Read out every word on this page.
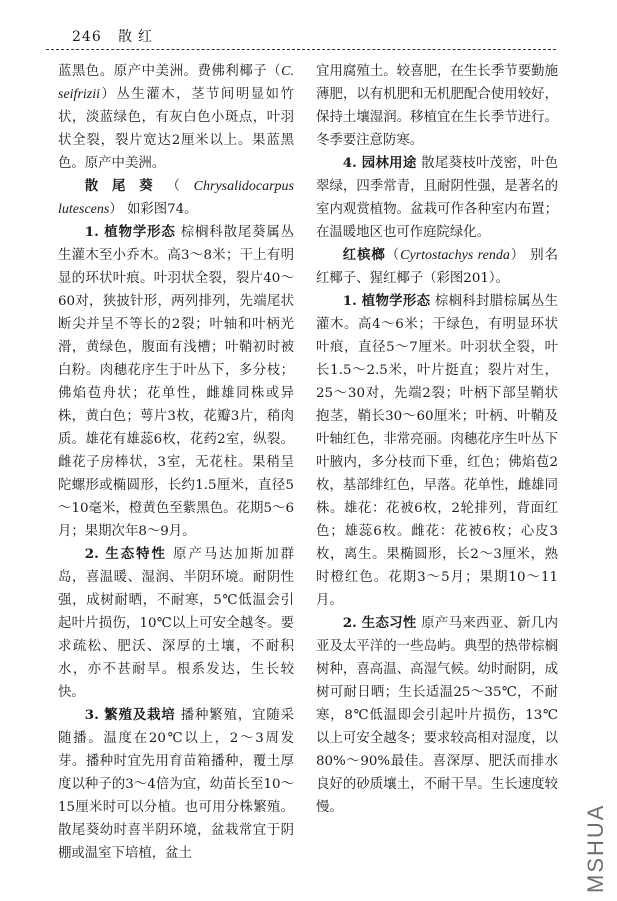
246 散红

蓝黑色。原产中美洲。费佛利椰子（C. seifrizii）丛生灌木，茎节间明显如竹状，淡蓝绿色，有灰白色小斑点，叶羽状全裂，裂片宽达2厘米以上。果蓝黑色。原产中美洲。

散尾葵（Chrysalidocarpus lutescens） 如彩图74。

1. 植物学形态 棕榈科散尾葵属丛生灌木至小乔木。高3～8米；干上有明显的环状叶痕。叶羽状全裂，裂片40～60对，狭披针形，两列排列，先端尾状断尖并呈不等长的2裂；叶轴和叶柄光滑，黄绿色，腹面有浅槽；叶鞘初时被白粉。肉穗花序生于叶丛下，多分枝；佛焰苞舟状；花单性，雌雄同株或异株，黄白色；萼片3枚，花瓣3片，稍肉质。雄花有雄蕊6枚，花药2室，纵裂。雌花子房棒状，3室，无花柱。果稍呈陀螺形或椭圆形，长约1.5厘米，直径5～10毫米，橙黄色至紫黑色。花期5～6月；果期次年8～9月。

2. 生态特性 原产马达加斯加群岛，喜温暖、湿润、半阴环境。耐阴性强，成树耐晒，不耐寒，5℃低温会引起叶片损伤，10℃以上可安全越冬。要求疏松、肥沃、深厚的土壤，不耐积水，亦不甚耐旱。根系发达，生长较快。

3. 繁殖及栽培 播种繁殖，宜随采随播。温度在20℃以上，2～3周发芽。播种时宜先用育苗箱播种，覆土厚度以种子的3～4倍为宜，幼苗长至10～15厘米时可以分植。也可用分株繁殖。散尾葵幼时喜半阴环境，盆栽常宜于阴棚或温室下培植，盆土

宜用腐殖土。较喜肥，在生长季节要勤施薄肥，以有机肥和无机肥配合使用较好，保持土壤湿润。移植宜在生长季节进行。冬季要注意防寒。

4. 园林用途 散尾葵枝叶茂密，叶色翠绿，四季常青，且耐阴性强，是著名的室内观赏植物。盆栽可作各种室内布置；在温暖地区也可作庭院绿化。

红槟榔（Cyrtostachys renda） 别名红椰子、猩红椰子（彩图201）。

1. 植物学形态 棕榈科封腊棕属丛生灌木。高4～6米；干绿色，有明显环状叶痕，直径5～7厘米。叶羽状全裂，叶长1.5～2.5米，叶片挺直；裂片对生，25～30对，先端2裂；叶柄下部呈鞘状抱茎，鞘长30～60厘米；叶柄、叶鞘及叶轴红色，非常亮丽。肉穗花序生叶丛下叶腋内，多分枝而下垂，红色；佛焰苞2枚，基部绯红色，早落。花单性，雌雄同株。雄花：花被6枚，2轮排列，背面红色；雄蕊6枚。雌花：花被6枚；心皮3枚，离生。果椭圆形，长2～3厘米，熟时橙红色。花期3～5月；果期10～11月。

2. 生态习性 原产马来西亚、新几内亚及太平洋的一些岛屿。典型的热带棕榈树种，喜高温、高湿气候。幼时耐阴，成树可耐日晒；生长适温25～35℃，不耐寒，8℃低温即会引起叶片损伤，13℃以上可安全越冬；要求较高相对湿度，以80%～90%最佳。喜深厚、肥沃而排水良好的砂质壤土，不耐干旱。生长速度较慢。	MSHUA
